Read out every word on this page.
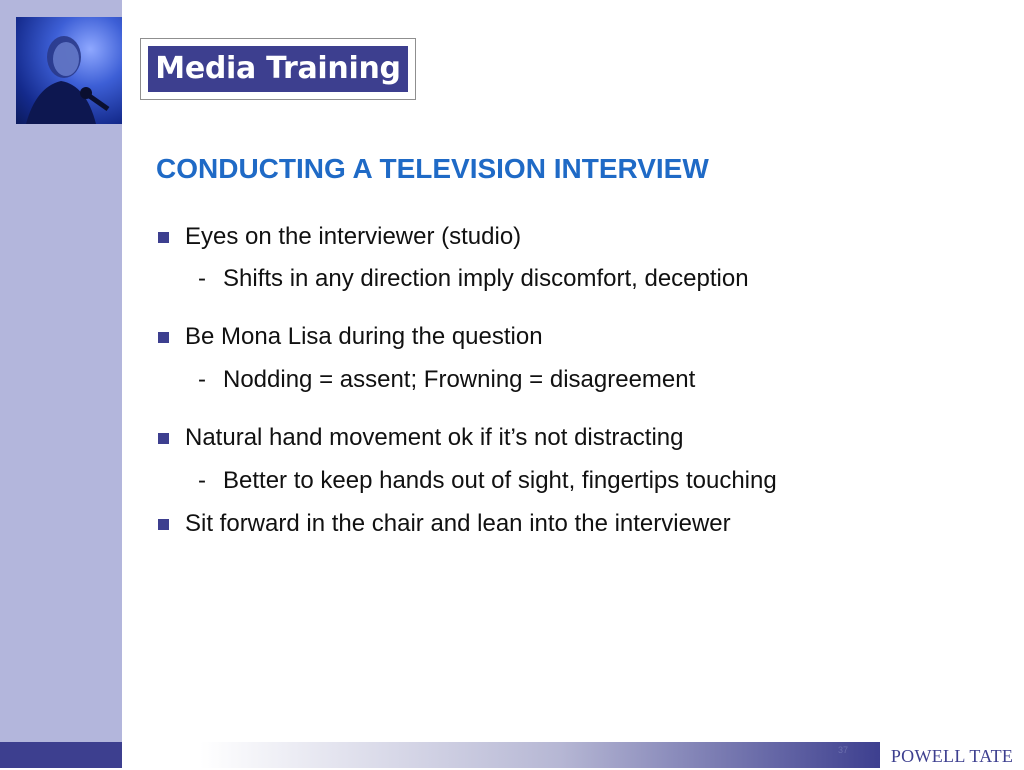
Media Training
CONDUCTING A TELEVISION INTERVIEW
Eyes on the interviewer (studio)
- Shifts in any direction imply discomfort, deception
Be Mona Lisa during the question
- Nodding = assent; Frowning = disagreement
Natural hand movement ok if it’s not distracting
- Better to keep hands out of sight, fingertips touching
Sit forward in the chair and lean into the interviewer
37	POWELL TATE
